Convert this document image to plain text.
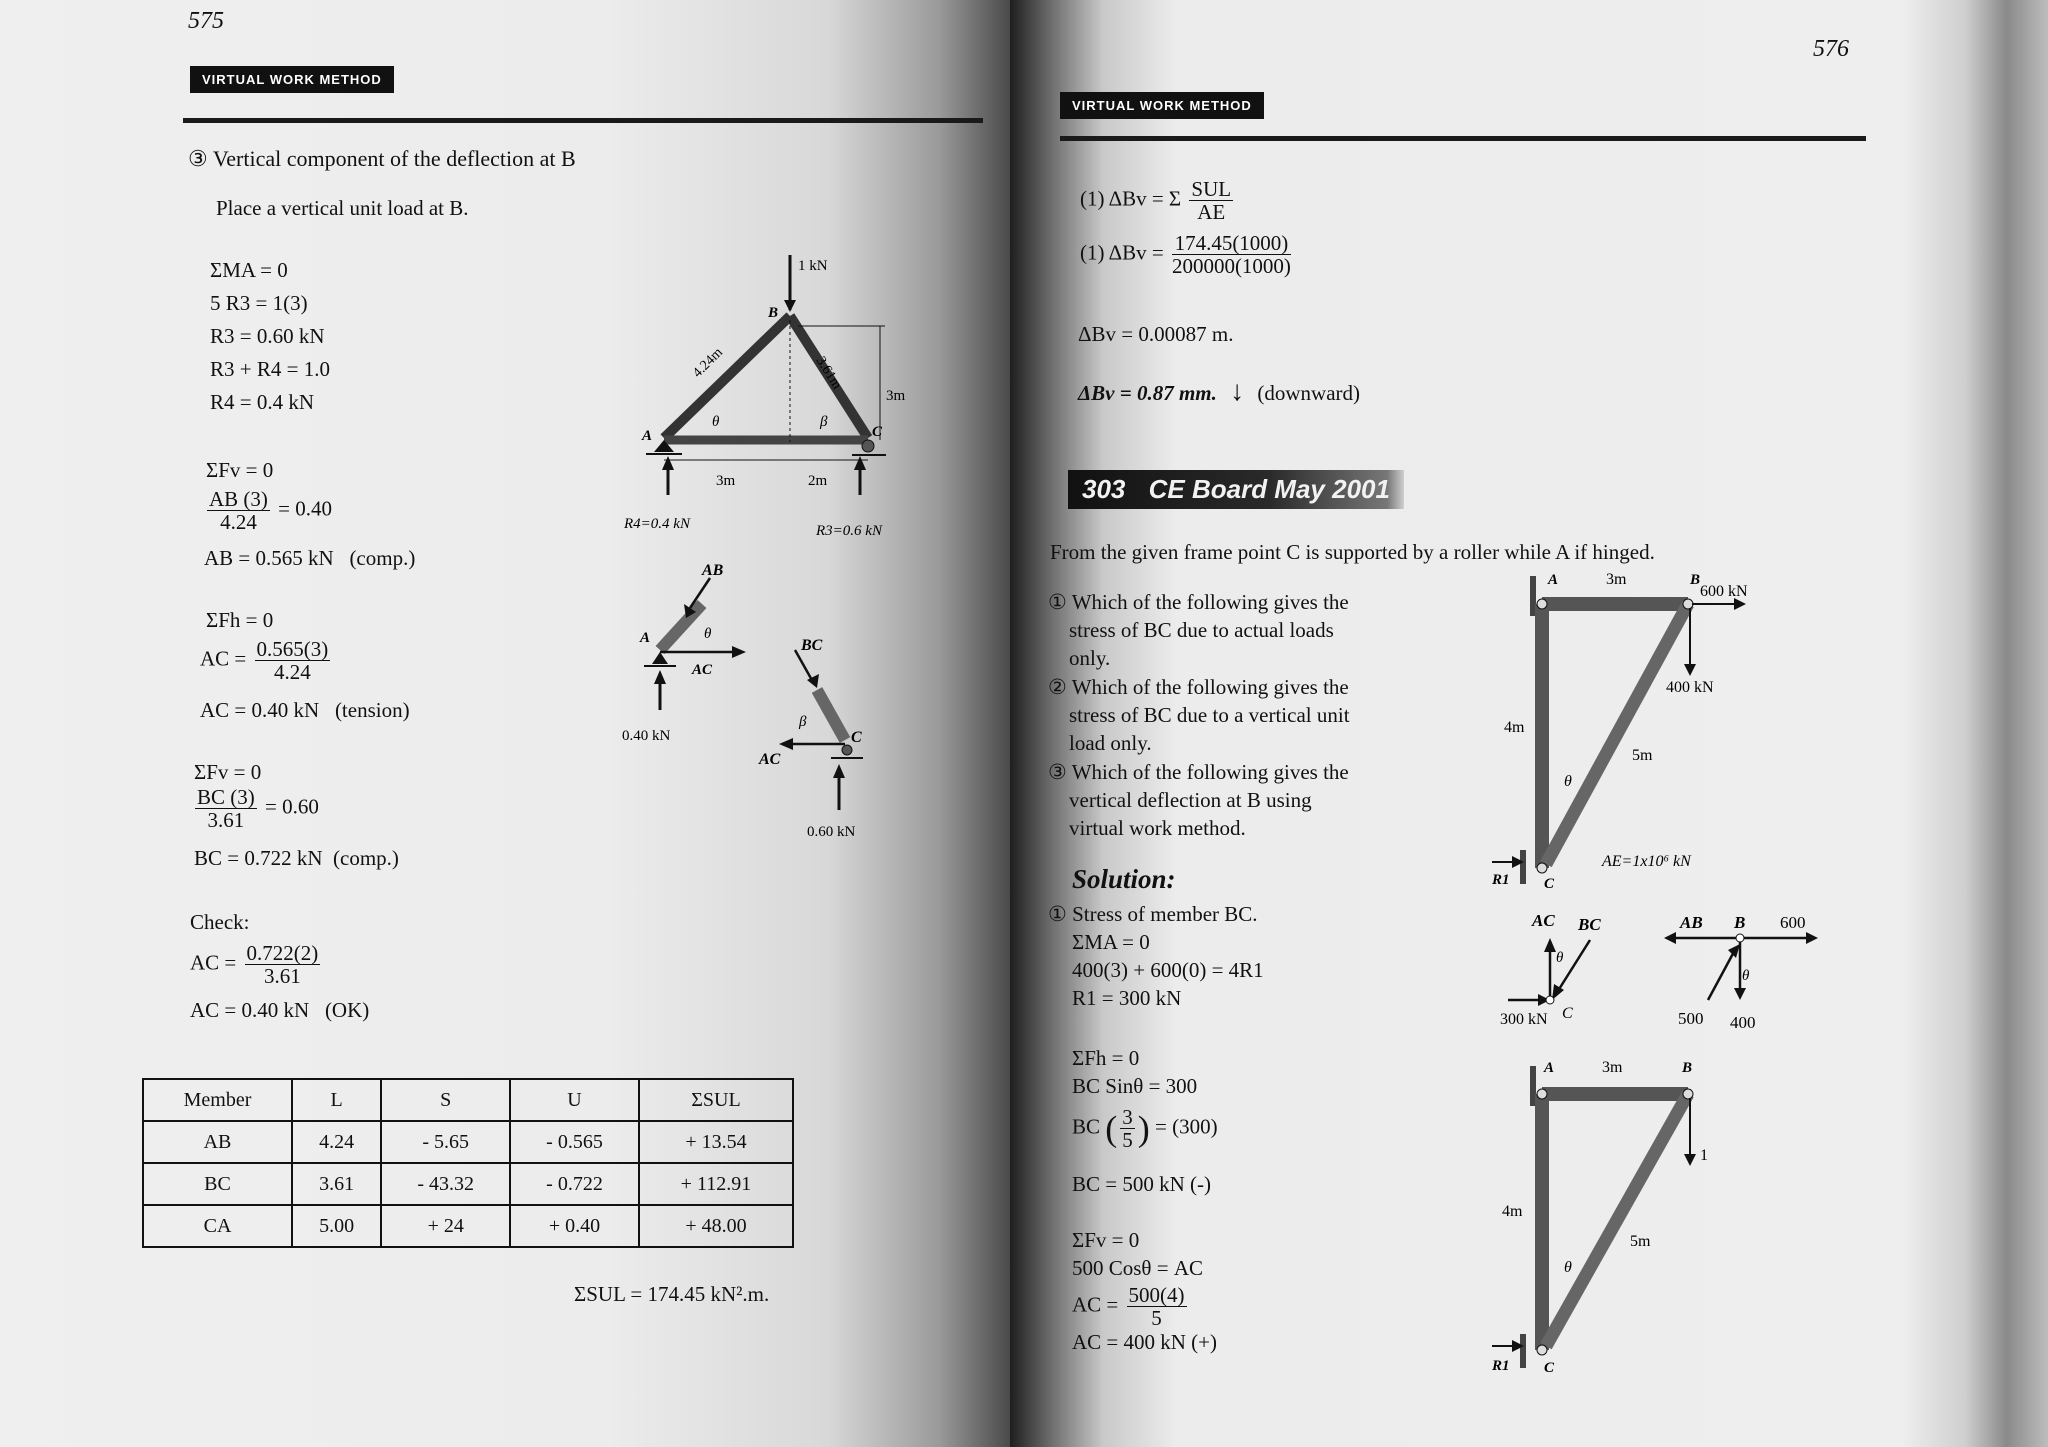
575
VIRTUAL WORK METHOD
③ Vertical component of the deflection at B
Place a vertical unit load at B.
ΣMA = 0
5 R3 = 1(3)
R3 = 0.60 kN
R3 + R4 = 1.0
R4 = 0.4 kN
ΣFv = 0
$\frac{AB (3)}{4.24} = 0.40$
AB = 0.565 kN (comp.)
ΣFh = 0
AC = $\frac{0.565(3)}{4.24}$
AC = 0.40 kN (tension)
ΣFv = 0
$\frac{BC (3)}{3.61} = 0.60$
BC = 0.722 kN (comp.)
Check:
AC = $\frac{0.722(2)}{3.61}$
AC = 0.40 kN (OK)
Member	L	S	U	ΣSUL
AB	4.24	- 5.65	- 0.565	+ 13.54
BC	3.61	- 43.32	- 0.722	+ 112.91
CA	5.00	+ 24	+ 0.40	+ 48.00
ΣSUL = 174.45 kN².m.
1 kN
B
A	C
4.24m	3.61m
3m
3m	2m
θ	β
R4=0.4 kN	R3=0.6 kN
AB
A
AC
θ
0.40 kN
BC
AC
C
β
0.60 kN
576
VIRTUAL WORK METHOD
(1) ΔBv = Σ $\frac{\text{SUL}}{AE}$
(1) $\Delta Bv = \frac{174.45(1000)}{200000(1000)}$
ΔBv = 0.00087 m.
ΔBv = 0.87 mm. ↓ (downward)
303 CE Board May 2001
From the given frame point C is supported by a roller while A if hinged.
① Which of the following gives the
stress of BC due to actual loads
only.
② Which of the following gives the
stress of BC due to a vertical unit
load only.
③ Which of the following gives the
vertical deflection at B using
virtual work method.
Solution:
① Stress of member BC.
ΣMA = 0
400(3) + 600(0) = 4R1
R1 = 300 kN
ΣFh = 0
BC Sinθ = 300
BC ( $\frac{3}{5}$ ) = (300)
BC = 500 kN (-)
ΣFv = 0
500 Cosθ = AC
AC = $\frac{500(4)}{5}$
AC = 400 kN (+)
A	B
C
3m
4m
5m
θ
600 kN
400 kN
AE=1x10⁶ kN
R1
AC BC
θ
300 kN C
AB B 600
θ
500 400
A	B
C
3m
4m
5m
θ
1
R1
